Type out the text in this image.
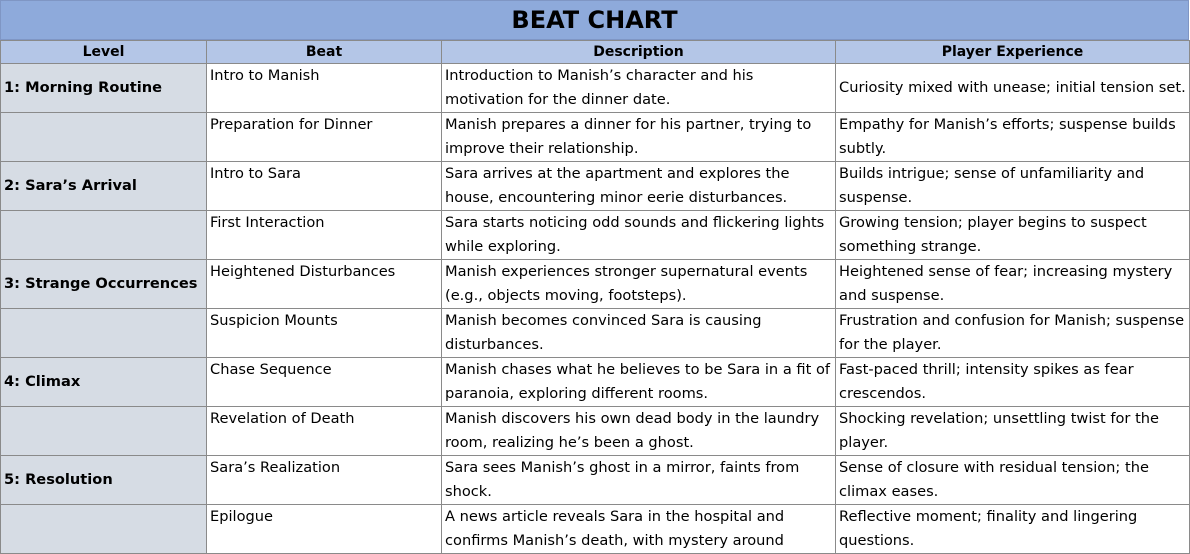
BEAT CHART
Level	Beat	Description	Player Experience
1: Morning Routine	Intro to Manish	Introduction to Manish’s character and his motivation for the dinner date.	Curiosity mixed with unease; initial tension set.
	Preparation for Dinner	Manish prepares a dinner for his partner, trying to improve their relationship.	Empathy for Manish’s efforts; suspense builds subtly.
2: Sara’s Arrival	Intro to Sara	Sara arrives at the apartment and explores the house, encountering minor eerie disturbances.	Builds intrigue; sense of unfamiliarity and suspense.
	First Interaction	Sara starts noticing odd sounds and flickering lights while exploring.	Growing tension; player begins to suspect something strange.
3: Strange Occurrences	Heightened Disturbances	Manish experiences stronger supernatural events (e.g., objects moving, footsteps).	Heightened sense of fear; increasing mystery and suspense.
	Suspicion Mounts	Manish becomes convinced Sara is causing disturbances.	Frustration and confusion for Manish; suspense for the player.
4: Climax	Chase Sequence	Manish chases what he believes to be Sara in a fit of paranoia, exploring different rooms.	Fast-paced thrill; intensity spikes as fear crescendos.
	Revelation of Death	Manish discovers his own dead body in the laundry room, realizing he’s been a ghost.	Shocking revelation; unsettling twist for the player.
5: Resolution	Sara’s Realization	Sara sees Manish’s ghost in a mirror, faints from shock.	Sense of closure with residual tension; the climax eases.
	Epilogue	A news article reveals Sara in the hospital and confirms Manish’s death, with mystery around	Reflective moment; finality and lingering questions.
